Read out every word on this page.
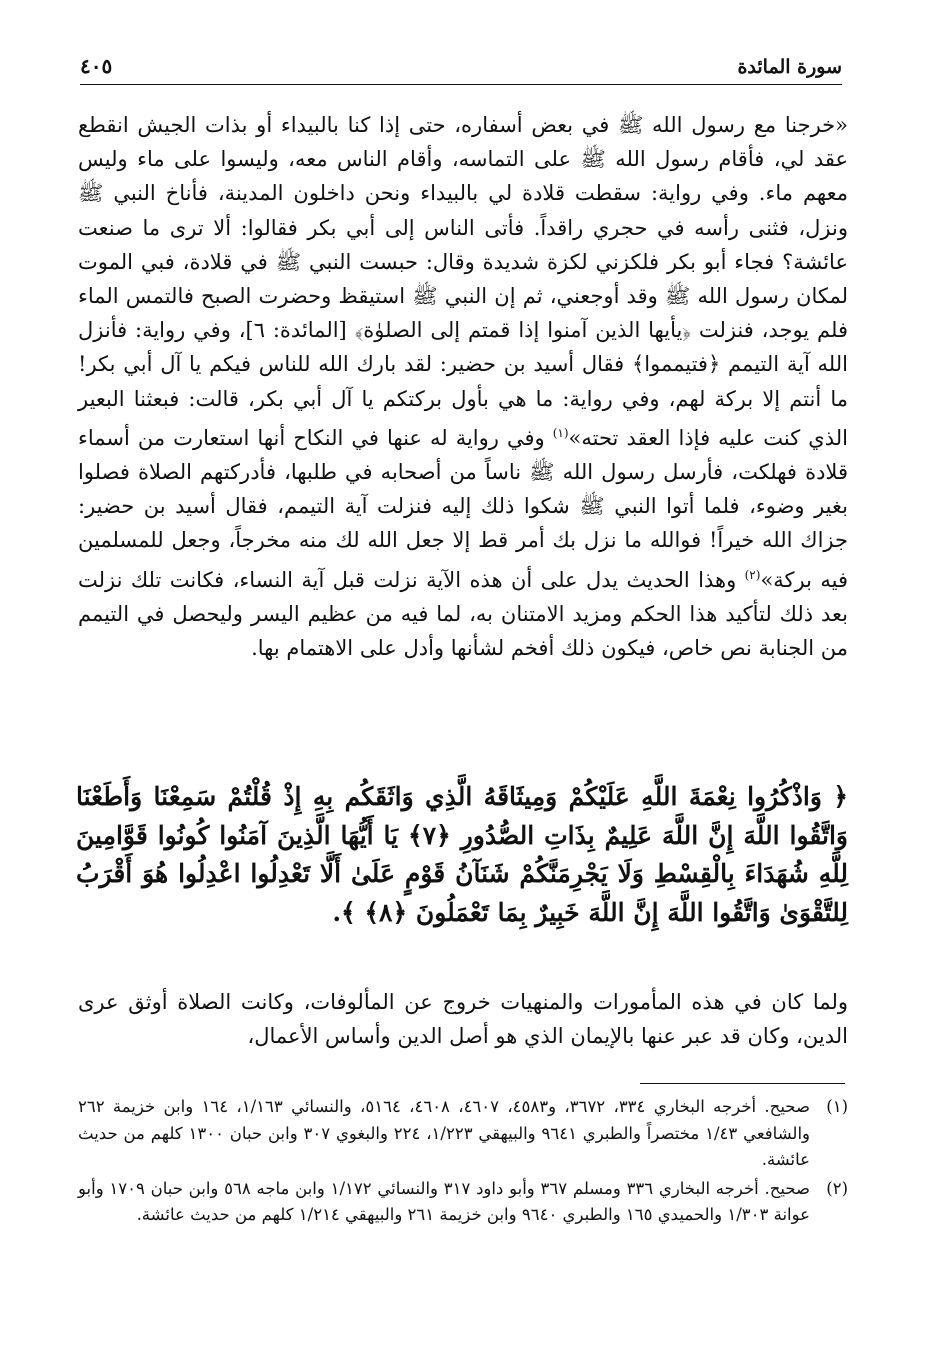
سورة المائدة
٤٠٥

«خرجنا مع رسول الله ﷺ في بعض أسفاره، حتى إذا كنا بالبيداء أو بذات الجيش انقطع عقد لي، فأقام رسول الله ﷺ على التماسه، وأقام الناس معه، وليسوا على ماء وليس معهم ماء. وفي رواية: سقطت قلادة لي بالبيداء ونحن داخلون المدينة، فأناخ النبي ﷺ ونزل، فثنى رأسه في حجري راقداً. فأتى الناس إلى أبي بكر فقالوا: ألا ترى ما صنعت عائشة؟ فجاء أبو بكر فلكزني لكزة شديدة وقال: حبست النبي ﷺ في قلادة، فبي الموت لمكان رسول الله ﷺ وقد أوجعني، ثم إن النبي ﷺ استيقظ وحضرت الصبح فالتمس الماء فلم يوجد، فنزلت ﴿يأيها الذين آمنوا إذا قمتم إلى الصلوٰة﴾ [المائدة: ٦]، وفي رواية: فأنزل الله آية التيمم ﴿فتيمموا﴾ فقال أسيد بن حضير: لقد بارك الله للناس فيكم يا آل أبي بكر! ما أنتم إلا بركة لهم، وفي رواية: ما هي بأول بركتكم يا آل أبي بكر، قالت: فبعثنا البعير الذي كنت عليه فإذا العقد تحته»$^{(١)}$ وفي رواية له عنها في النكاح أنها استعارت من أسماء قلادة فهلكت، فأرسل رسول الله ﷺ ناساً من أصحابه في طلبها، فأدركتهم الصلاة فصلوا بغير وضوء، فلما أتوا النبي ﷺ شكوا ذلك إليه فنزلت آية التيمم، فقال أسيد بن حضير: جزاك الله خيراً! فوالله ما نزل بك أمر قط إلا جعل الله لك منه مخرجاً، وجعل للمسلمين فيه بركة»$^{(٢)}$ وهذا الحديث يدل على أن هذه الآية نزلت قبل آية النساء، فكانت تلك نزلت بعد ذلك لتأكيد هذا الحكم ومزيد الامتنان به، لما فيه من عظيم اليسر وليحصل في التيمم من الجنابة نص خاص، فيكون ذلك أفخم لشأنها وأدل على الاهتمام بها.

﴿ وَاذْكُرُوا نِعْمَةَ اللَّهِ عَلَيْكُمْ وَمِيثَاقَهُ الَّذِي وَاثَقَكُم بِهِ إِذْ قُلْتُمْ سَمِعْنَا وَأَطَعْنَا وَاتَّقُوا اللَّهَ إِنَّ اللَّهَ عَلِيمٌ بِذَاتِ الصُّدُورِ ﴿٧﴾ يَا أَيُّهَا الَّذِينَ آمَنُوا كُونُوا قَوَّامِينَ لِلَّهِ شُهَدَاءَ بِالْقِسْطِ وَلَا يَجْرِمَنَّكُمْ شَنَآنُ قَوْمٍ عَلَىٰ أَلَّا تَعْدِلُوا اعْدِلُوا هُوَ أَقْرَبُ لِلتَّقْوَىٰ وَاتَّقُوا اللَّهَ إِنَّ اللَّهَ خَبِيرٌ بِمَا تَعْمَلُونَ ﴿٨﴾ ﴾.
ولما كان في هذه المأمورات والمنهيات خروج عن المألوفات، وكانت الصلاة أوثق عرى الدين، وكان قد عبر عنها بالإيمان الذي هو أصل الدين وأساس الأعمال،
(١)
صحيح. أخرجه البخاري ٣٣٤، ٣٦٧٢، و٤٥٨٣، ٤٦٠٧، ٤٦٠٨، ٥١٦٤، والنسائي ١/١٦٣، ١٦٤ وابن خزيمة ٢٦٢ والشافعي ١/٤٣ مختصراً والطبري ٩٦٤١ والبيهقي ١/٢٢٣، ٢٢٤ والبغوي ٣٠٧ وابن حبان ١٣٠٠ كلهم من حديث عائشة.
(٢)
صحيح. أخرجه البخاري ٣٣٦ ومسلم ٣٦٧ وأبو داود ٣١٧ والنسائي ١/١٧٢ وابن ماجه ٥٦٨ وابن حبان ١٧٠٩ وأبو عوانة ١/٣٠٣ والحميدي ١٦٥ والطبري ٩٦٤٠ وابن خزيمة ٢٦١ والبيهقي ١/٢١٤ كلهم من حديث عائشة.
